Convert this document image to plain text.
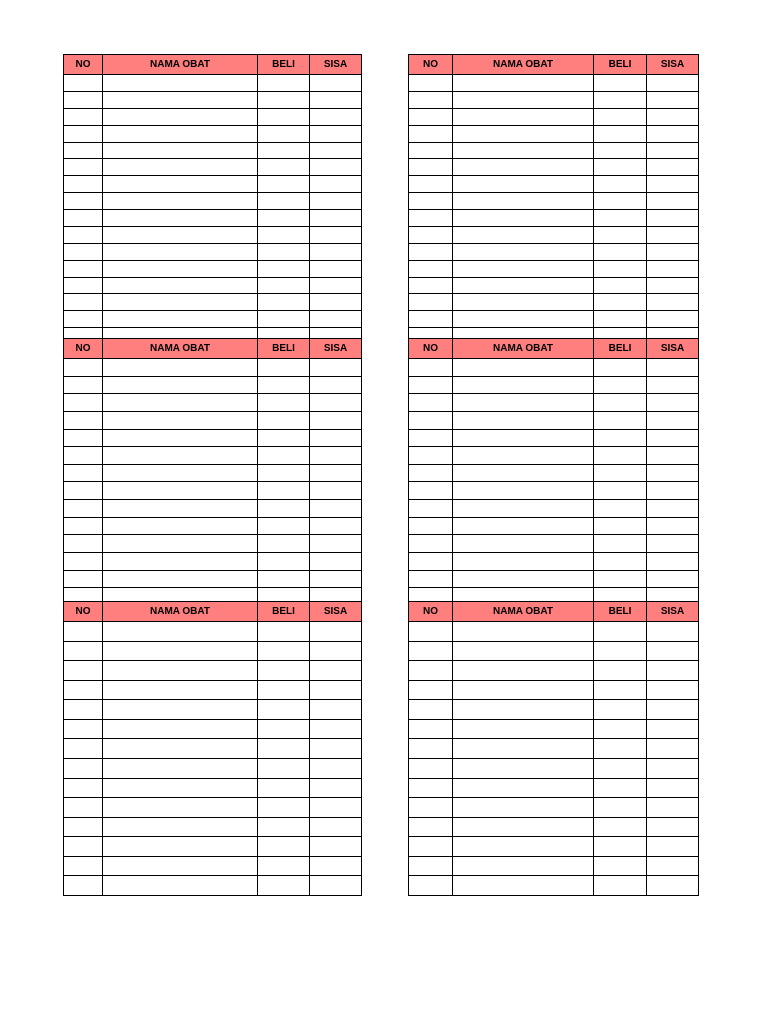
NO	NAMA OBAT	BELI	SISA

				NO	NAMA OBAT	BELI	SISA

NO	NAMA OBAT	BELI	SISA

				NO	NAMA OBAT	BELI	SISA

NO	NAMA OBAT	BELI	SISA

				NO	NAMA OBAT	BELI	SISA
